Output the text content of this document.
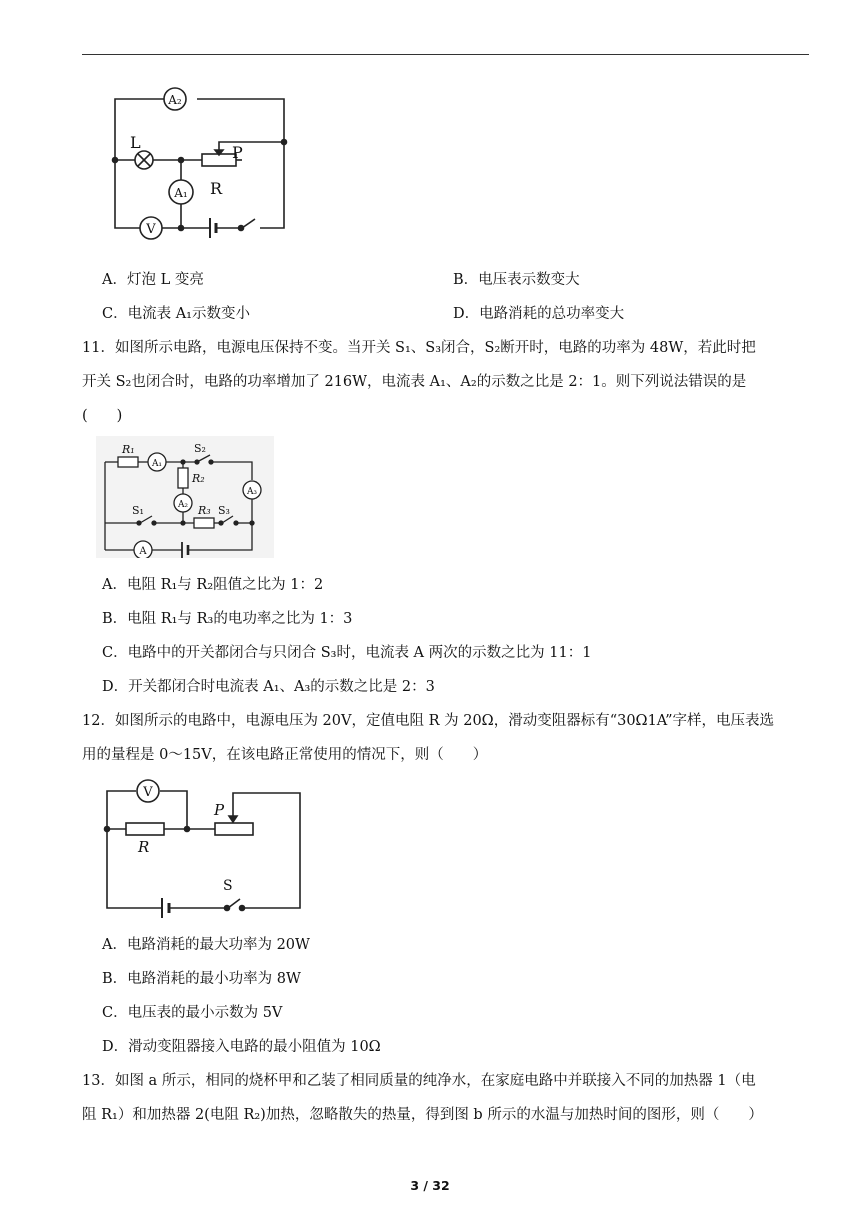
A₂
L
P
R
A₁
V
A．灯泡 L 变亮	B．电压表示数变大
C．电流表 A₁示数变小	D．电路消耗的总功率变大
11．如图所示电路，电源电压保持不变。当开关 S₁、S₃闭合，S₂断开时，电路的功率为 48W，若此时把
开关 S₂也闭合时，电路的功率增加了 216W，电流表 A₁、A₂的示数之比是 2：1。则下列说法错误的是
(　　)
R₁
A₁
S₂
A₃
R₂
A₂
S₁	R₃ S₃
A
A．电阻 R₁与 R₂阻值之比为 1：2
B．电阻 R₁与 R₃的电功率之比为 1：3
C．电路中的开关都闭合与只闭合 S₃时，电流表 A 两次的示数之比为 11：1
D．开关都闭合时电流表 A₁、A₃的示数之比是 2：3
12．如图所示的电路中，电源电压为 20V，定值电阻 R 为 20Ω，滑动变阻器标有“30Ω1A”字样，电压表选
用的量程是 0～15V，在该电路正常使用的情况下，则（　　）
V
R
P
S
A．电路消耗的最大功率为 20W
B．电路消耗的最小功率为 8W
C．电压表的最小示数为 5V
D．滑动变阻器接入电路的最小阻值为 10Ω
13．如图 a 所示，相同的烧杯甲和乙装了相同质量的纯净水，在家庭电路中并联接入不同的加热器 1（电
阻 R₁）和加热器 2(电阻 R₂)加热，忽略散失的热量，得到图 b 所示的水温与加热时间的图形，则（　　）
3 / 32
